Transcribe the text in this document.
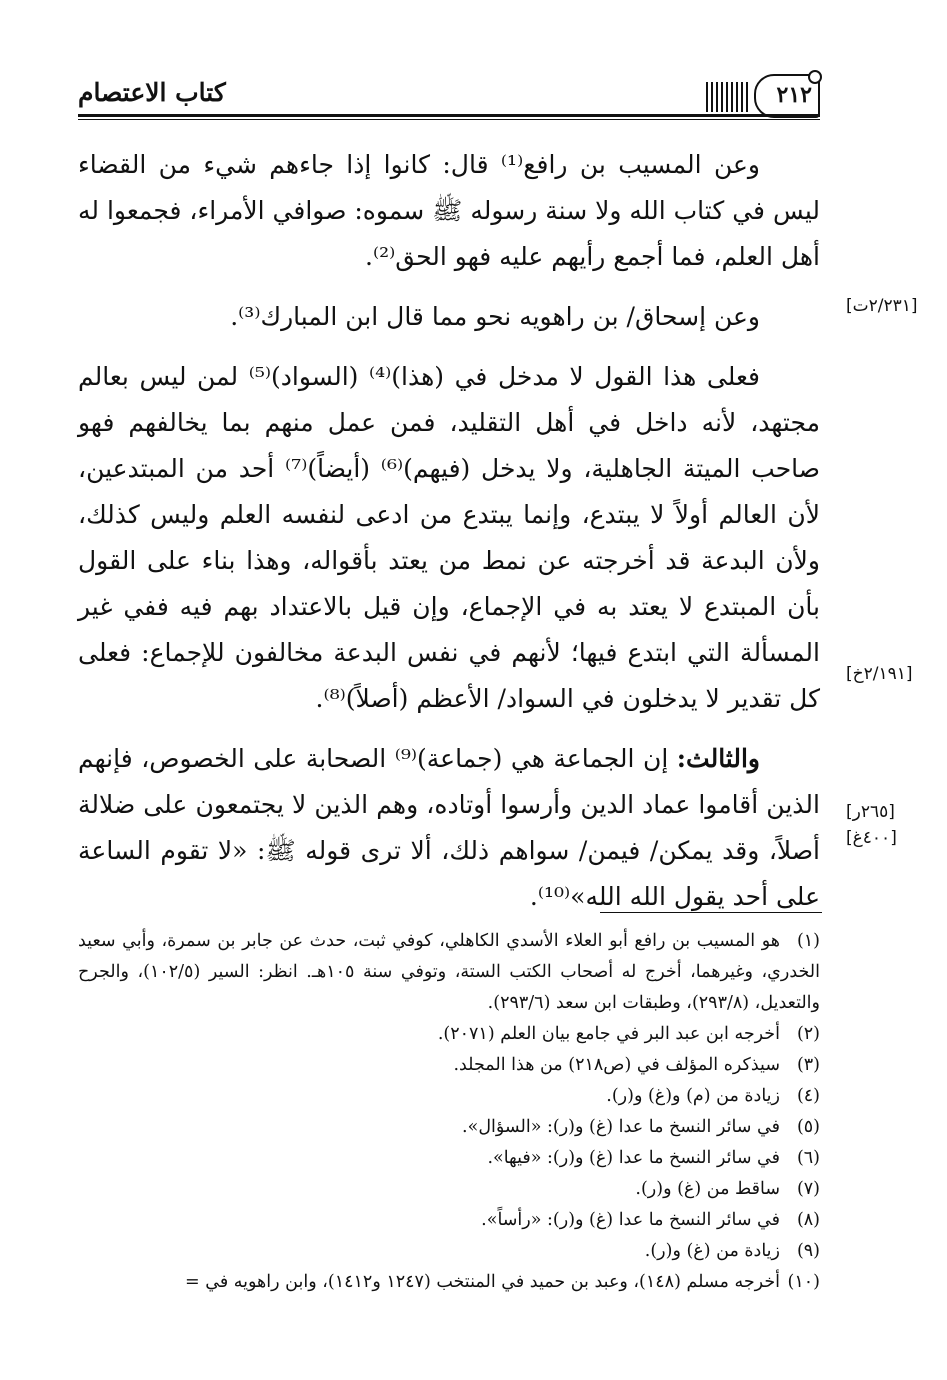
كتاب الاعتصام	٢١٢

وعن المسيب بن رافع⁽¹⁾ قال: كانوا إذا جاءهم شيء من القضاء ليس في كتاب الله ولا سنة رسوله ﷺ سموه: صوافي الأمراء، فجمعوا له أهل العلم، فما أجمع رأيهم عليه فهو الحق⁽²⁾.

وعن إسحاق/ بن راهويه نحو مما قال ابن المبارك⁽³⁾.

فعلى هذا القول لا مدخل في (هذا)⁽⁴⁾ (السواد)⁽⁵⁾ لمن ليس بعالم مجتهد، لأنه داخل في أهل التقليد، فمن عمل منهم بما يخالفهم فهو صاحب الميتة الجاهلية، ولا يدخل (فيهم)⁽⁶⁾ (أيضاً)⁽⁷⁾ أحد من المبتدعين، لأن العالم أولاً لا يبتدع، وإنما يبتدع من ادعى لنفسه العلم وليس كذلك، ولأن البدعة قد أخرجته عن نمط من يعتد بأقواله، وهذا بناء على القول بأن المبتدع لا يعتد به في الإجماع، وإن قيل بالاعتداد بهم فيه ففي غير المسألة التي ابتدع فيها؛ لأنهم في نفس البدعة مخالفون للإجماع: فعلى كل تقدير لا يدخلون في السواد/ الأعظم (أصلاً)⁽⁸⁾.

والثالث: إن الجماعة هي (جماعة)⁽⁹⁾ الصحابة على الخصوص، فإنهم الذين أقاموا عماد الدين وأرسوا أوتاده، وهم الذين لا يجتمعون على ضلالة أصلاً، وقد يمكن/ فيمن/ سواهم ذلك، ألا ترى قوله ﷺ: «لا تقوم الساعة على أحد يقول الله الله»⁽¹⁰⁾.

[٢/٢٣١ت]
[٢/١٩١خ]
[٢٦٥ر]
[٤٠٠غ]

(١)هو المسيب بن رافع أبو العلاء الأسدي الكاهلي، كوفي ثبت، حدث عن جابر بن سمرة، وأبي سعيد الخدري، وغيرهما، أخرج له أصحاب الكتب الستة، وتوفي سنة ١٠٥هـ. انظر: السير (١٠٢/٥)، والجرح والتعديل، (٢٩٣/٨)، وطبقات ابن سعد (٢٩٣/٦).

(٢)أخرجه ابن عبد البر في جامع بيان العلم (٢٠٧١).

(٣)سيذكره المؤلف في (ص٢١٨) من هذا المجلد.

(٤)زيادة من (م) و(غ) و(ر).

(٥)في سائر النسخ ما عدا (غ) و(ر): «السؤال».

(٦)في سائر النسخ ما عدا (غ) و(ر): «فيها».

(٧)ساقط من (غ) و(ر).

(٨)في سائر النسخ ما عدا (غ) و(ر): «رأساً».

(٩)زيادة من (غ) و(ر).

(١٠)أخرجه مسلم (١٤٨)، وعبد بن حميد في المنتخب (١٢٤٧ و١٤١٢)، وابن راهويه في =
